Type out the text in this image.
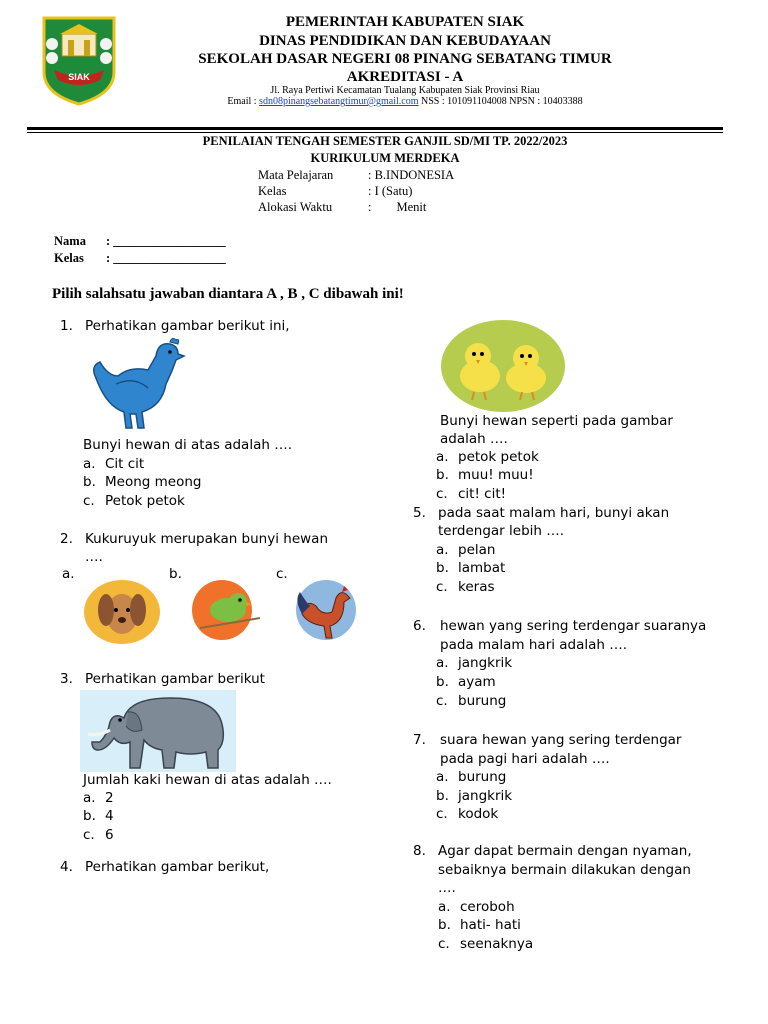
SIAK
PEMERINTAH KABUPATEN SIAK
DINAS PENDIDIKAN DAN KEBUDAYAAN
SEKOLAH DASAR NEGERI 08 PINANG SEBATANG TIMUR
AKREDITASI - A
Jl. Raya Pertiwi Kecamatan Tualang Kabupaten Siak Provinsi Riau
Email : sdn08pinangsebatangtimur@gmail.com NSS : 101091104008 NPSN : 10403388
PENILAIAN TENGAH SEMESTER GANJIL SD/MI TP. 2022/2023
KURIKULUM MERDEKA
Mata Pelajaran	: B.INDONESIA
Kelas	: I (Satu)
Alokasi Waktu	:        Menit
Nama : __________________
Kelas : __________________
Pilih salahsatu jawaban diantara A , B , C dibawah ini!
1. Perhatikan gambar berikut ini,
Bunyi hewan di atas adalah ….
a. Cit cit
b. Meong meong
c. Petok petok
2. Kukuruyuk merupakan bunyi hewan
….
a.	b.	c.
3. Perhatikan gambar berikut
Jumlah kaki hewan di atas adalah ….
a. 2
b. 4
c. 6
4. Perhatikan gambar berikut,
Bunyi hewan seperti pada gambar
adalah ….
a. petok petok
b. muu! muu!
c. cit! cit!
5. pada saat malam hari, bunyi akan
terdengar lebih ….
a. pelan
b. lambat
c. keras
6. hewan yang sering terdengar suaranya
pada malam hari adalah ….
a. jangkrik
b. ayam
c. burung
7. suara hewan yang sering terdengar
pada pagi hari adalah ….
a. burung
b. jangkrik
c. kodok
8. Agar dapat bermain dengan nyaman,
sebaiknya bermain dilakukan dengan
….
a. ceroboh
b. hati- hati
c. seenaknya
